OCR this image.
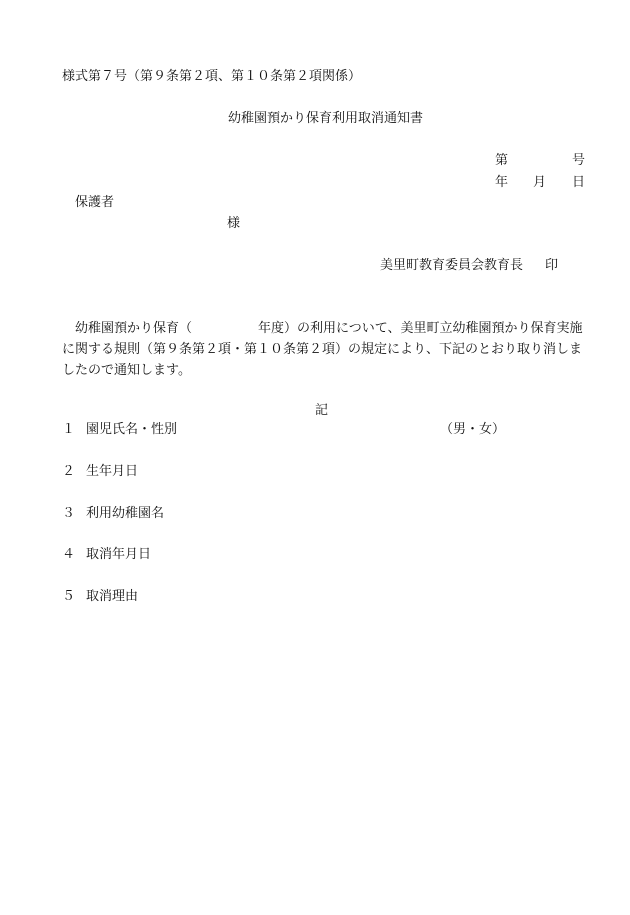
様式第７号（第９条第２項、第１０条第２項関係）
幼稚園預かり保育利用取消通知書
第	号
年 月 日
保護者
様
美里町教育委員会教育長 印
　幼稚園預かり保育（	年度）の利用について、美里町立幼稚園預かり保育実施
に関する規則（第９条第２項・第１０条第２項）の規定により、下記のとおり取り消しま
したので通知します。
記
１ 園児氏名・性別	（男・女）
２ 生年月日
３ 利用幼稚園名
４ 取消年月日
５ 取消理由
